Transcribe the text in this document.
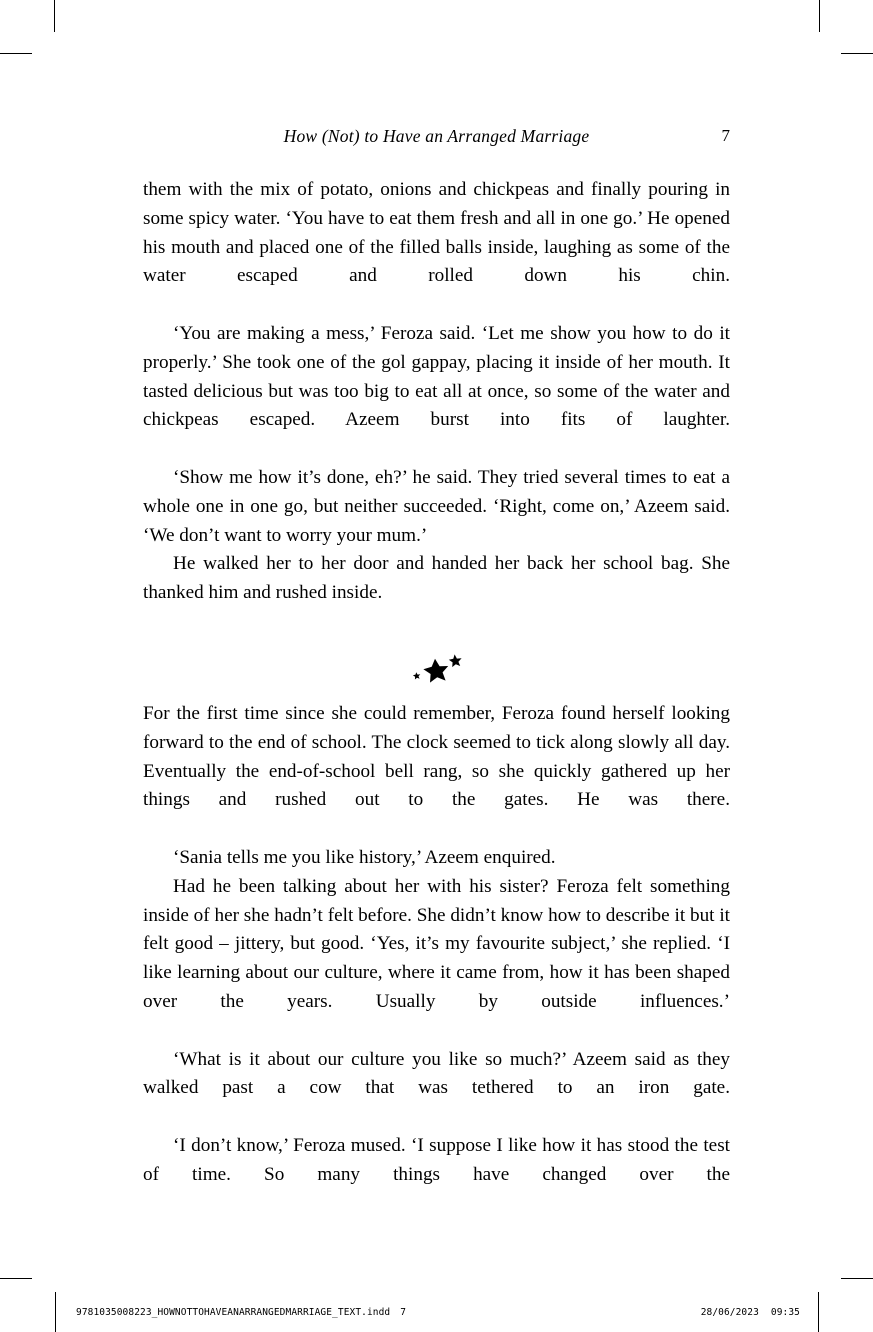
How (Not) to Have an Arranged Marriage	7

them with the mix of potato, onions and chickpeas and finally pouring in some spicy water. ‘You have to eat them fresh and all in one go.’ He opened his mouth and placed one of the filled balls inside, laughing as some of the water escaped and rolled down his chin.

‘You are making a mess,’ Feroza said. ‘Let me show you how to do it properly.’ She took one of the gol gappay, placing it inside of her mouth. It tasted delicious but was too big to eat all at once, so some of the water and chickpeas escaped. Azeem burst into fits of laughter.

‘Show me how it’s done, eh?’ he said. They tried several times to eat a whole one in one go, but neither succeeded. ‘Right, come on,’ Azeem said. ‘We don’t want to worry your mum.’

He walked her to her door and handed her back her school bag. She thanked him and rushed inside.

For the first time since she could remember, Feroza found herself looking forward to the end of school. The clock seemed to tick along slowly all day. Eventually the end-of-school bell rang, so she quickly gathered up her things and rushed out to the gates. He was there.

‘Sania tells me you like history,’ Azeem enquired.

Had he been talking about her with his sister? Feroza felt something inside of her she hadn’t felt before. She didn’t know how to describe it but it felt good – jittery, but good. ‘Yes, it’s my favourite subject,’ she replied. ‘I like learning about our culture, where it came from, how it has been shaped over the years. Usually by outside influences.’

‘What is it about our culture you like so much?’ Azeem said as they walked past a cow that was tethered to an iron gate.

‘I don’t know,’ Feroza mused. ‘I suppose I like how it has stood the test of time. So many things have changed over the

9781035008223_HOWNOTTOHAVEANARRANGEDMARRIAGE_TEXT.indd 7	28/06/2023 09:35
